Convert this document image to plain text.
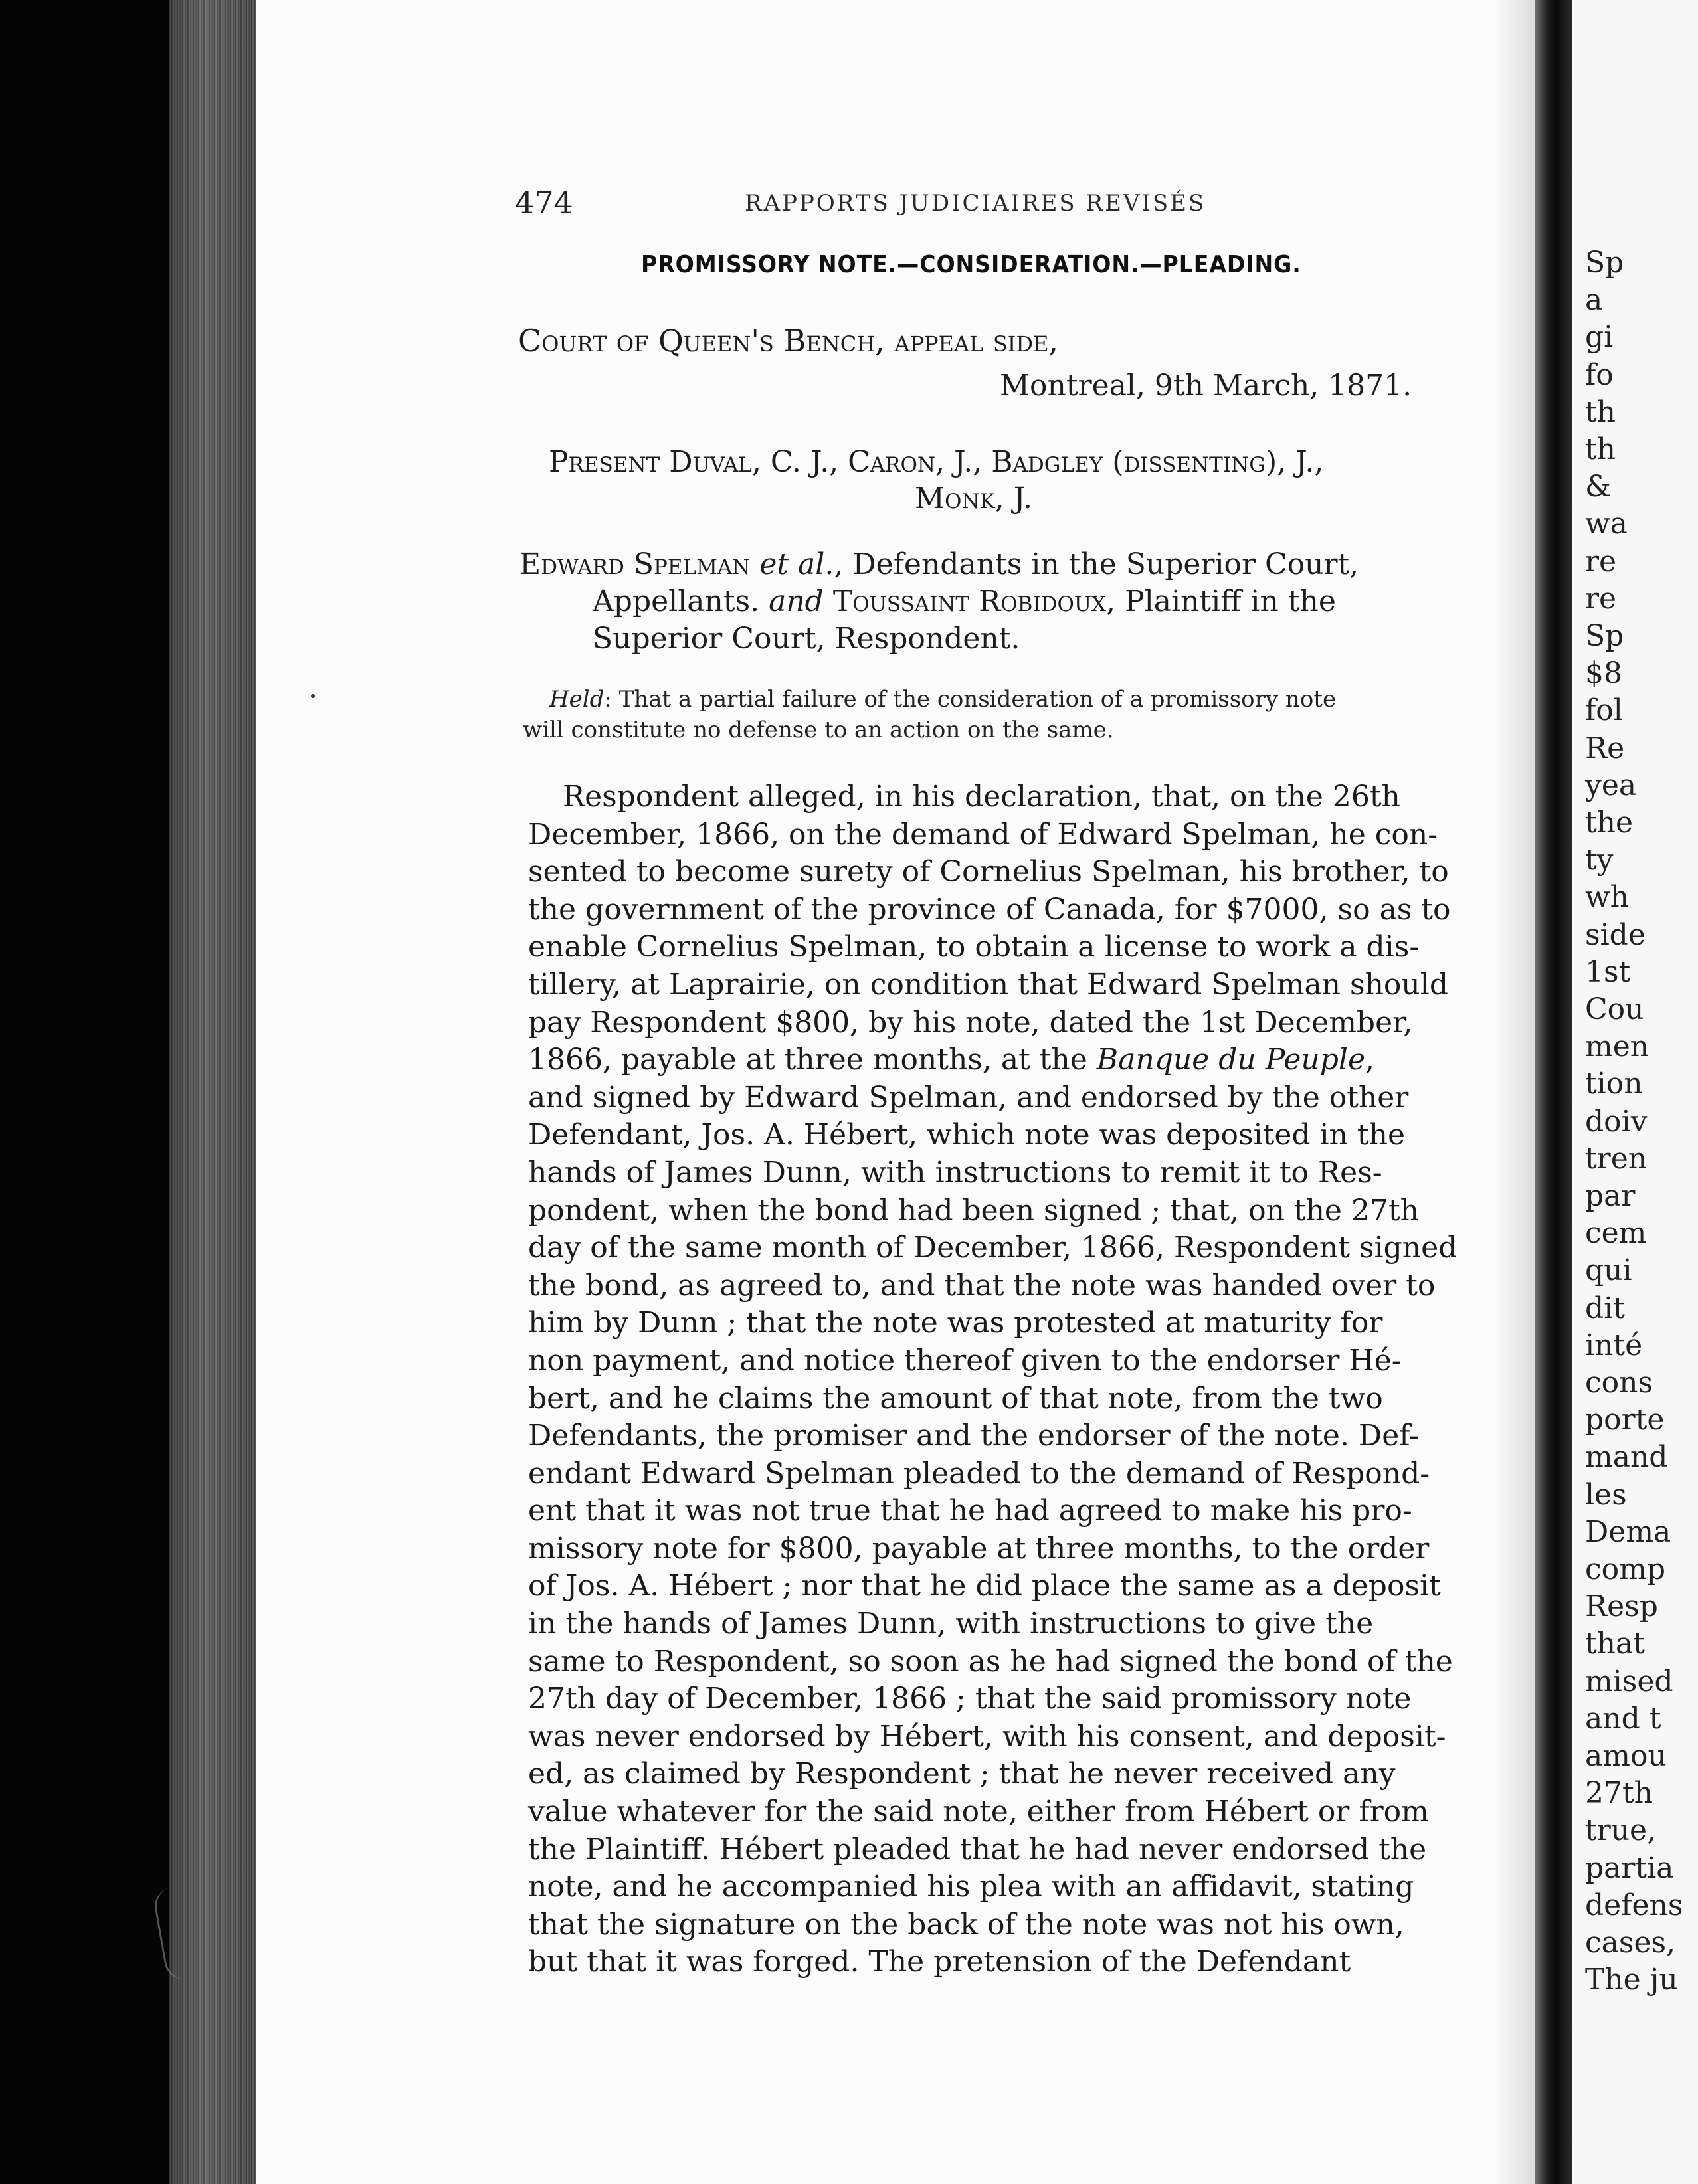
474	RAPPORTS JUDICIAIRES REVISÉS
PROMISSORY NOTE.—CONSIDERATION.—PLEADING.
Court of Queen's Bench, appeal side,
Montreal, 9th March, 1871.
Present Duval, C. J., Caron, J., Badgley (dissenting), J.,
Monk, J.
Edward Spelman et al., Defendants in the Superior Court,
Appellants. and Toussaint Robidoux, Plaintiff in the
Superior Court, Respondent.
Held: That a partial failure of the consideration of a promissory note
will constitute no defense to an action on the same.
Respondent alleged, in his declaration, that, on the 26th
December, 1866, on the demand of Edward Spelman, he con-
sented to become surety of Cornelius Spelman, his brother, to
the government of the province of Canada, for $7000, so as to
enable Cornelius Spelman, to obtain a license to work a dis-
tillery, at Laprairie, on condition that Edward Spelman should
pay Respondent $800, by his note, dated the 1st December,
1866, payable at three months, at the Banque du Peuple,
and signed by Edward Spelman, and endorsed by the other
Defendant, Jos. A. Hébert, which note was deposited in the
hands of James Dunn, with instructions to remit it to Res-
pondent, when the bond had been signed ; that, on the 27th
day of the same month of December, 1866, Respondent signed
the bond, as agreed to, and that the note was handed over to
him by Dunn ; that the note was protested at maturity for
non payment, and notice thereof given to the endorser Hé-
bert, and he claims the amount of that note, from the two
Defendants, the promiser and the endorser of the note. Def-
endant Edward Spelman pleaded to the demand of Respond-
ent that it was not true that he had agreed to make his pro-
missory note for $800, payable at three months, to the order
of Jos. A. Hébert ; nor that he did place the same as a deposit
in the hands of James Dunn, with instructions to give the
same to Respondent, so soon as he had signed the bond of the
27th day of December, 1866 ; that the said promissory note
was never endorsed by Hébert, with his consent, and deposit-
ed, as claimed by Respondent ; that he never received any
value whatever for the said note, either from Hébert or from
the Plaintiff. Hébert pleaded that he had never endorsed the
note, and he accompanied his plea with an affidavit, stating
that the signature on the back of the note was not his own,
but that it was forged. The pretension of the Defendant
Sp
a
gi
fo
th
th
&
wa
re
re
Sp
$8
fol
Re
yea
the
ty
wh
side
1st
Cou
men
tion
doiv
tren
par
cem
qui
dit
inté
cons
porte
mand
les
Dema
comp
Resp
that
mised
and t
amou
27th
true,
partia
defens
cases,
The ju
